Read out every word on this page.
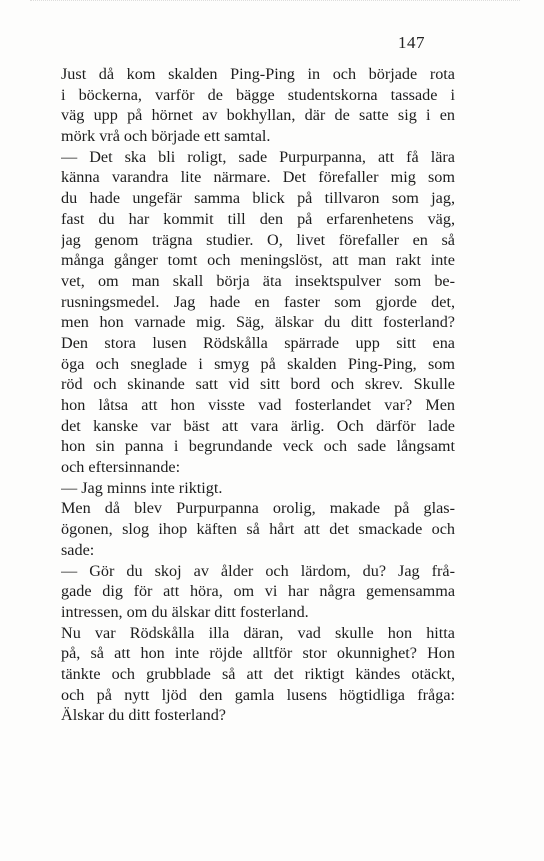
147
Just då kom skalden Ping-Ping in och började rota
i böckerna, varför de bägge studentskorna tassade i
väg upp på hörnet av bokhyllan, där de satte sig i en
mörk vrå och började ett samtal.
— Det ska bli roligt, sade Purpurpanna, att få lära
känna varandra lite närmare. Det förefaller mig som
du hade ungefär samma blick på tillvaron som jag,
fast du har kommit till den på erfarenhetens väg,
jag genom trägna studier. O, livet förefaller en så
många gånger tomt och meningslöst, att man rakt inte
vet, om man skall börja äta insektspulver som be-
rusningsmedel. Jag hade en faster som gjorde det,
men hon varnade mig. Säg, älskar du ditt fosterland?
Den stora lusen Rödskålla spärrade upp sitt ena
öga och sneglade i smyg på skalden Ping-Ping, som
röd och skinande satt vid sitt bord och skrev. Skulle
hon låtsa att hon visste vad fosterlandet var? Men
det kanske var bäst att vara ärlig. Och därför lade
hon sin panna i begrundande veck och sade långsamt
och eftersinnande:
— Jag minns inte riktigt.
Men då blev Purpurpanna orolig, makade på glas-
ögonen, slog ihop käften så hårt att det smackade och
sade:
— Gör du skoj av ålder och lärdom, du? Jag frå-
gade dig för att höra, om vi har några gemensamma
intressen, om du älskar ditt fosterland.
Nu var Rödskålla illa däran, vad skulle hon hitta
på, så att hon inte röjde alltför stor okunnighet? Hon
tänkte och grubblade så att det riktigt kändes otäckt,
och på nytt ljöd den gamla lusens högtidliga fråga:
Älskar du ditt fosterland?
